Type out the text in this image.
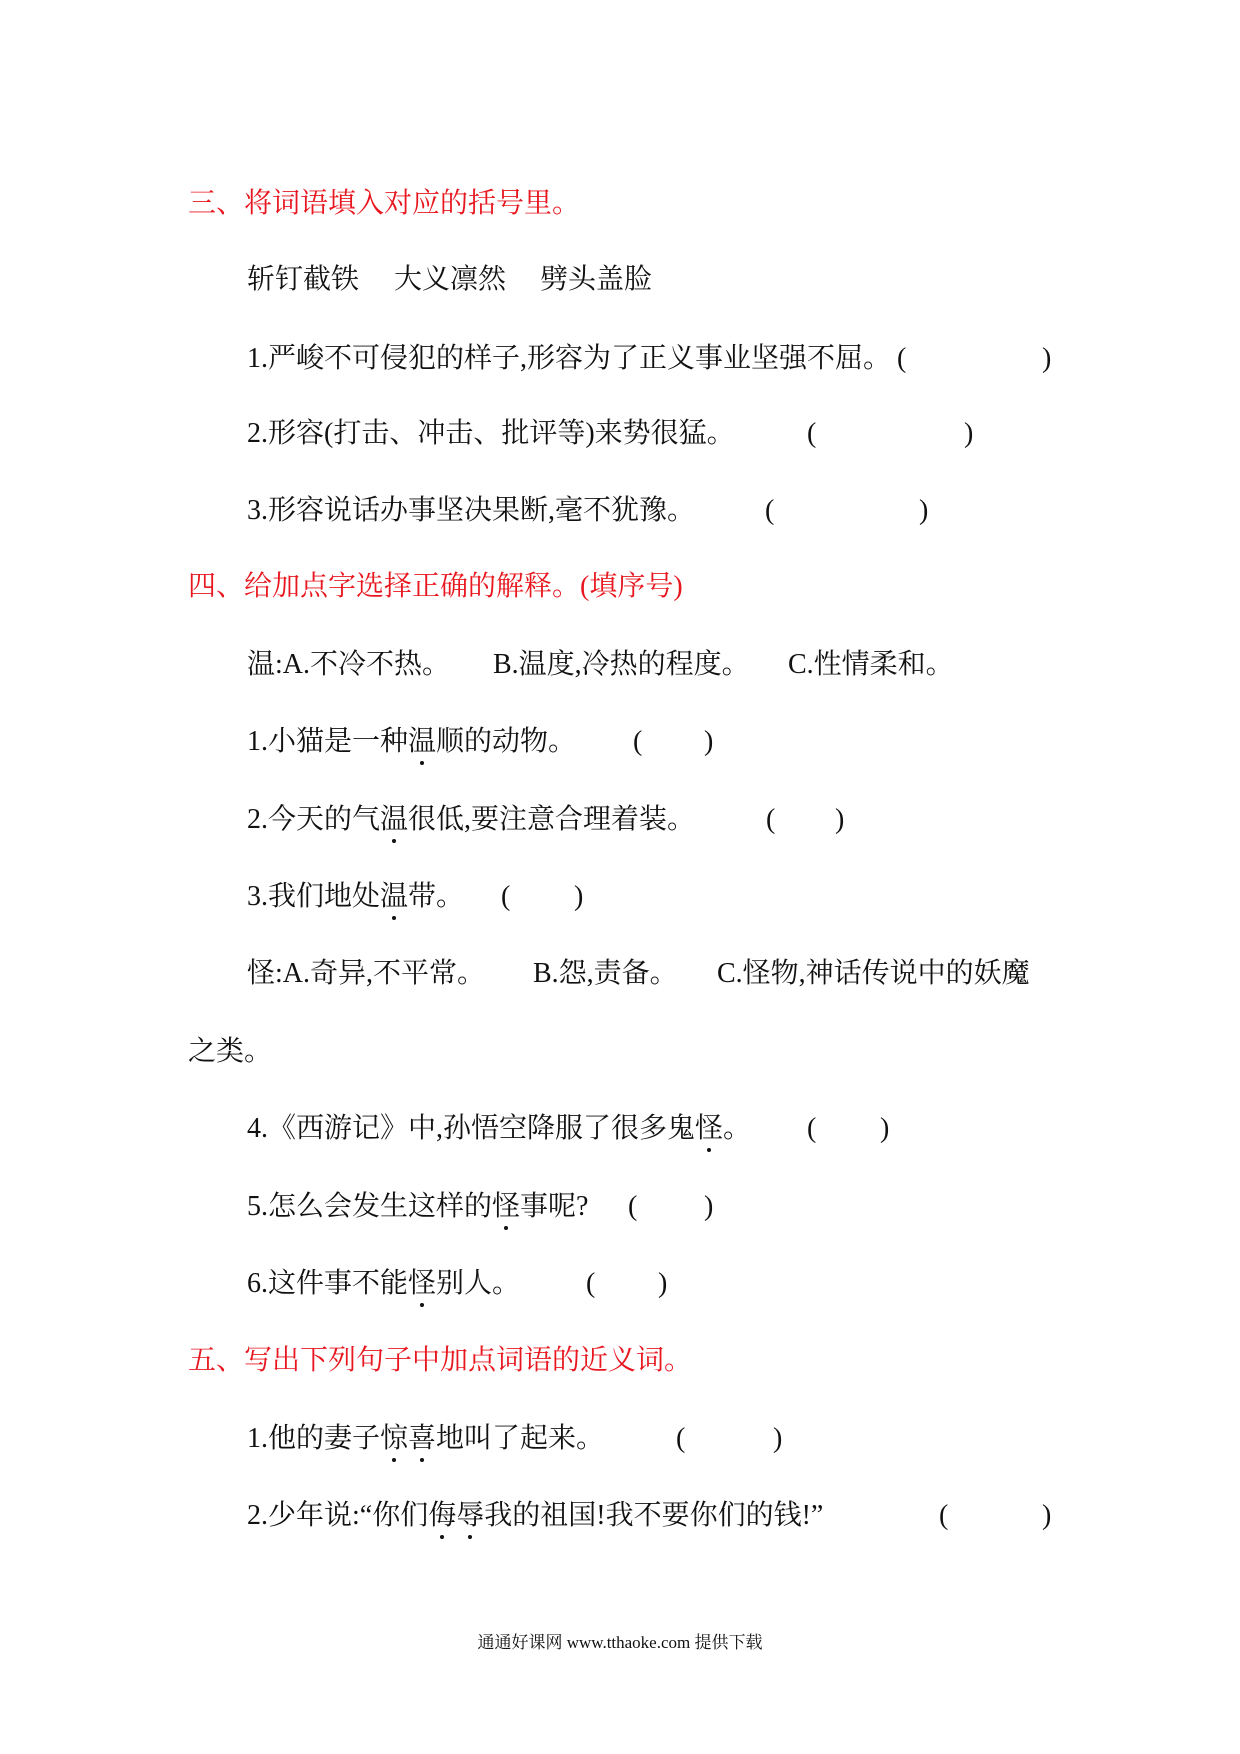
三、将词语填入对应的括号里。
斩钉截铁 大义凛然 劈头盖脸
1.严峻不可侵犯的样子,形容为了正义事业坚强不屈。 (	)
2.形容(打击、冲击、批评等)来势很猛。	(	)
3.形容说话办事坚决果断,毫不犹豫。 (	)
四、给加点字选择正确的解释。(填序号)
温:A.不冷不热。 B.温度,冷热的程度。 C.性情柔和。
1.小猫是一种温顺的动物。 ( )
2.今天的气温很低,要注意合理着装。	( )
3.我们地处温带。 ( )
怪:A.奇异,不平常。 B.怨,责备。 C.怪物,神话传说中的妖魔
之类。
4.《西游记》中,孙悟空降服了很多鬼怪。 ( )
5.怎么会发生这样的怪事呢? ( )
6.这件事不能怪别人。 ( )
五、写出下列句子中加点词语的近义词。
1.他的妻子惊喜地叫了起来。	(	)
2.少年说:“你们侮辱我的祖国!我不要你们的钱!”	(	)
通通好课网 www.tthaoke.com 提供下载
